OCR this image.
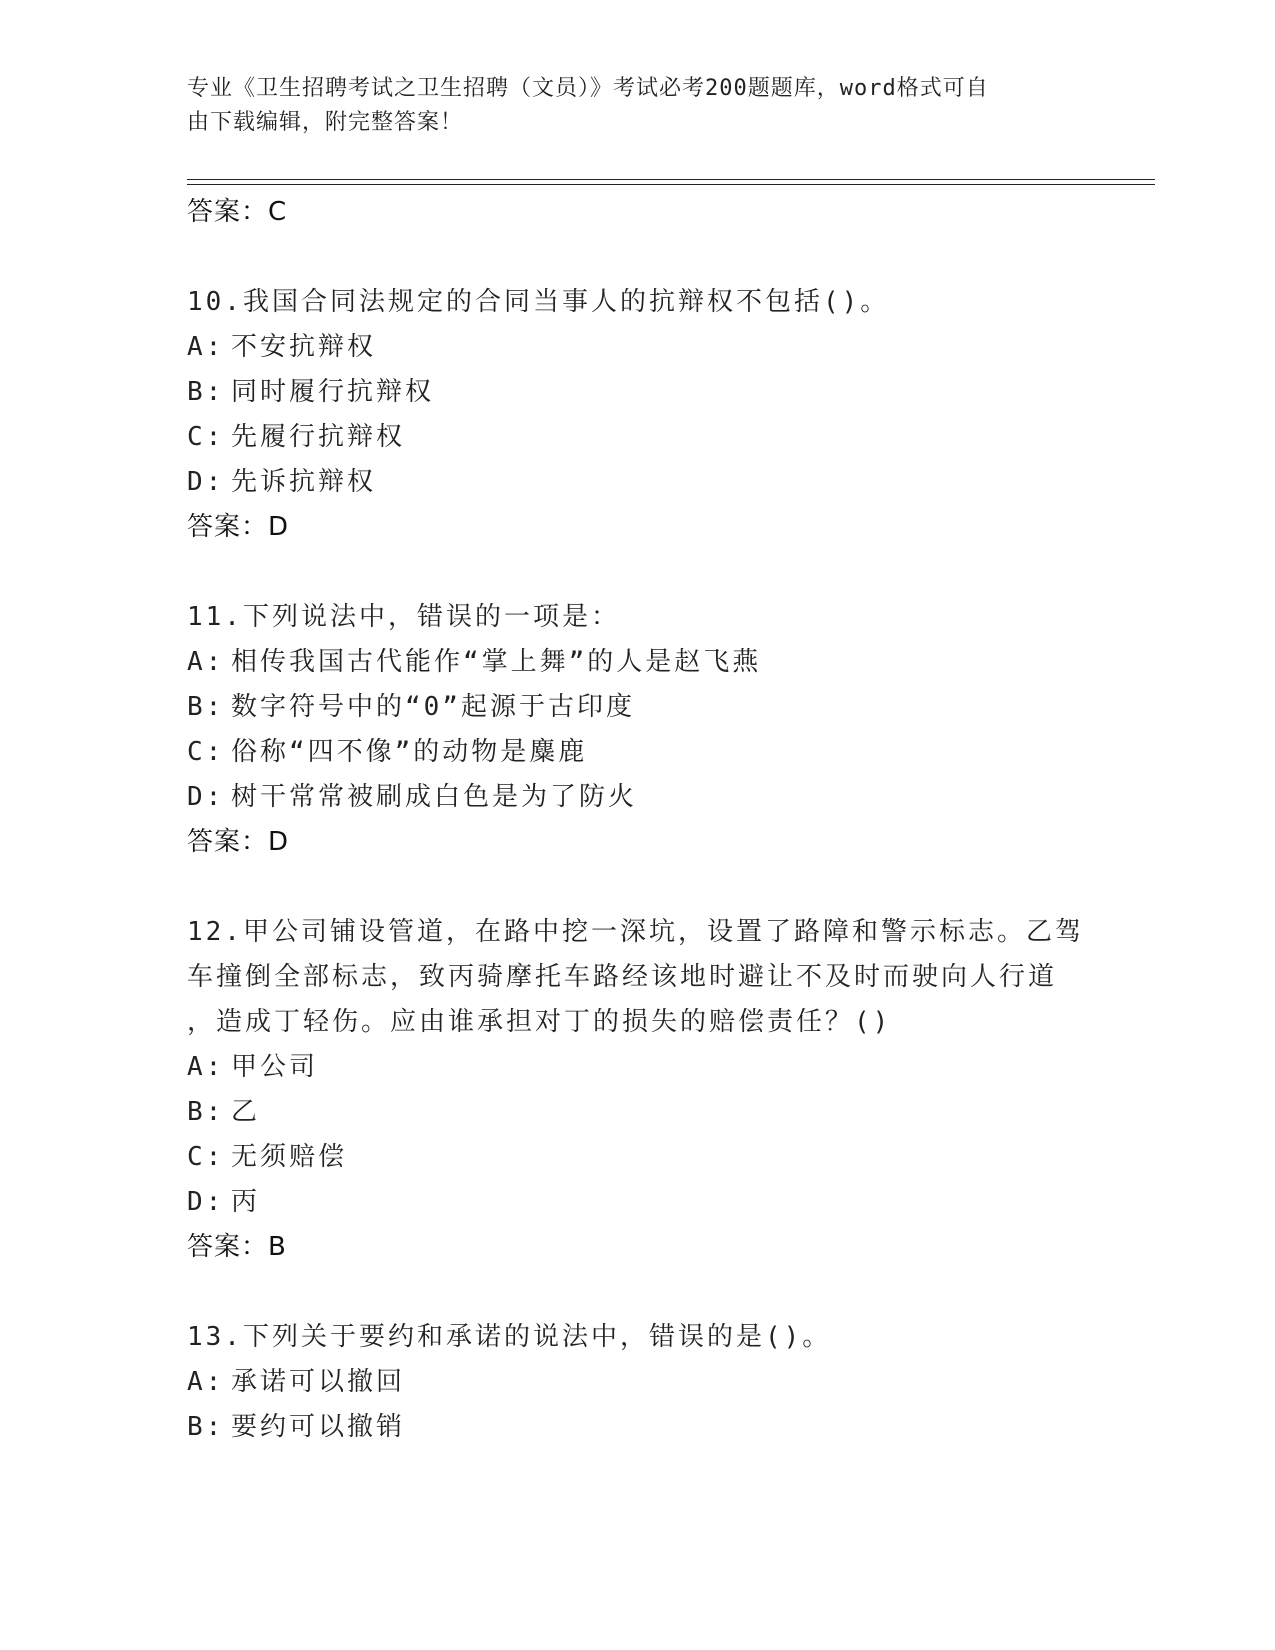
专业《卫生招聘考试之卫生招聘（文员）》考试必考200题题库，word格式可自
由下载编辑，附完整答案！
答案：C
10.我国合同法规定的合同当事人的抗辩权不包括()。
A: 不安抗辩权
B: 同时履行抗辩权
C: 先履行抗辩权
D: 先诉抗辩权
答案：D
11.下列说法中，错误的一项是：
A: 相传我国古代能作“掌上舞”的人是赵飞燕
B: 数字符号中的“0”起源于古印度
C: 俗称“四不像”的动物是麋鹿
D: 树干常常被刷成白色是为了防火
答案：D
12.甲公司铺设管道，在路中挖一深坑，设置了路障和警示标志。乙驾
车撞倒全部标志，致丙骑摩托车路经该地时避让不及时而驶向人行道
，造成丁轻伤。应由谁承担对丁的损失的赔偿责任？()
A: 甲公司
B: 乙
C: 无须赔偿
D: 丙
答案：B
13.下列关于要约和承诺的说法中，错误的是()。
A: 承诺可以撤回
B: 要约可以撤销
